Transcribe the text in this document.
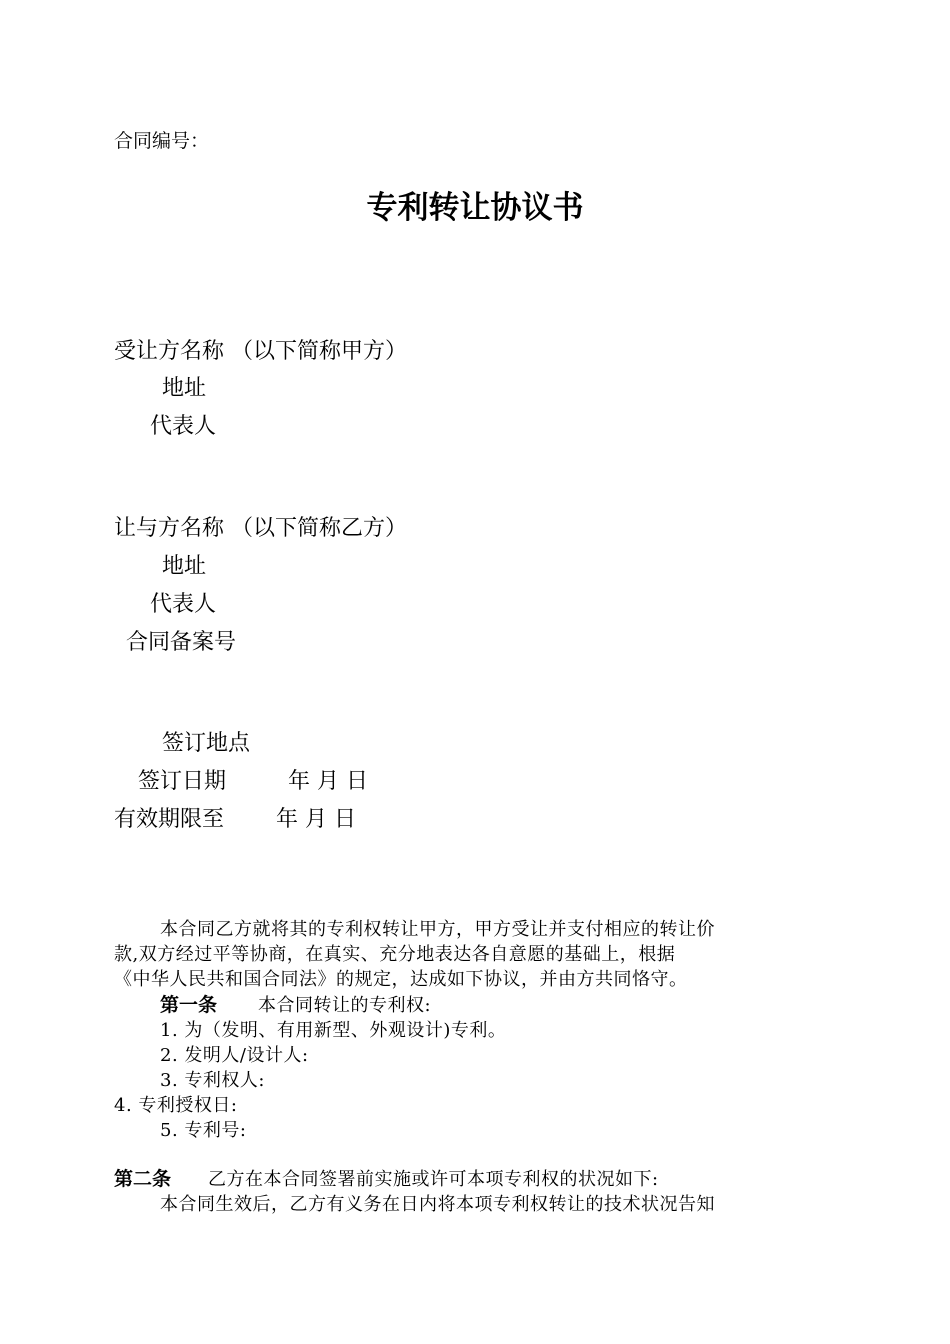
合同编号：
专利转让协议书
受让方名称 （以下简称甲方）
地址
代表人
让与方名称 （以下简称乙方）
地址
代表人
合同备案号
签订地点
签订日期	年 月 日
有效期限至 年 月 日
本合同乙方就将其的专利权转让甲方，甲方受让并支付相应的转让价
款,双方经过平等协商，在真实、充分地表达各自意愿的基础上，根据
《中华人民共和国合同法》的规定，达成如下协议，并由方共同恪守。
第一条 本合同转让的专利权:
1. 为（发明、有用新型、外观设计)专利。
2. 发明人/设计人:
3. 专利权人:
4. 专利授权日:
5. 专利号:
第二条 乙方在本合同签署前实施或许可本项专利权的状况如下:
本合同生效后，乙方有义务在日内将本项专利权转让的技术状况告知
